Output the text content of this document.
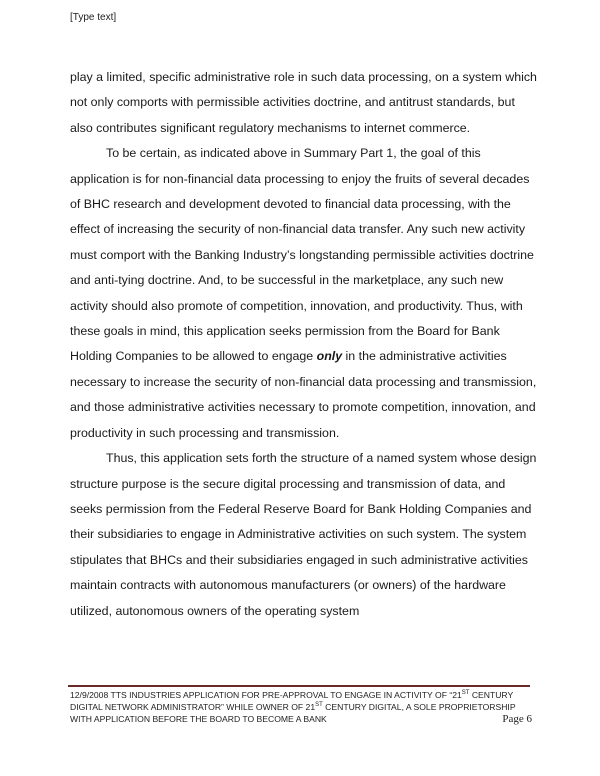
[Type text]

play a limited, specific administrative role in such data processing, on a system which not only comports with permissible activities doctrine, and antitrust standards, but also contributes significant regulatory mechanisms to internet commerce.

To be certain, as indicated above in Summary Part 1, the goal of this application is for non-financial data processing to enjoy the fruits of several decades of BHC research and development devoted to financial data processing, with the effect of increasing the security of non-financial data transfer. Any such new activity must comport with the Banking Industry’s longstanding permissible activities doctrine and anti-tying doctrine. And, to be successful in the marketplace, any such new activity should also promote of competition, innovation, and productivity. Thus, with these goals in mind, this application seeks permission from the Board for Bank Holding Companies to be allowed to engage only in the administrative activities necessary to increase the security of non-financial data processing and transmission, and those administrative activities necessary to promote competition, innovation, and productivity in such processing and transmission.

Thus, this application sets forth the structure of a named system whose design structure purpose is the secure digital processing and transmission of data, and seeks permission from the Federal Reserve Board for Bank Holding Companies and their subsidiaries to engage in Administrative activities on such system. The system stipulates that BHCs and their subsidiaries engaged in such administrative activities maintain contracts with autonomous manufacturers (or owners) of the hardware utilized, autonomous owners of the operating system

12/9/2008 TTS INDUSTRIES APPLICATION FOR PRE-APPROVAL TO ENGAGE IN ACTIVITY OF “21ST CENTURY DIGITAL NETWORK ADMINISTRATOR” WHILE OWNER OF 21ST CENTURY DIGITAL, A SOLE PROPRIETORSHIP WITH APPLICATION BEFORE THE BOARD TO BECOME A BANK	Page 6
